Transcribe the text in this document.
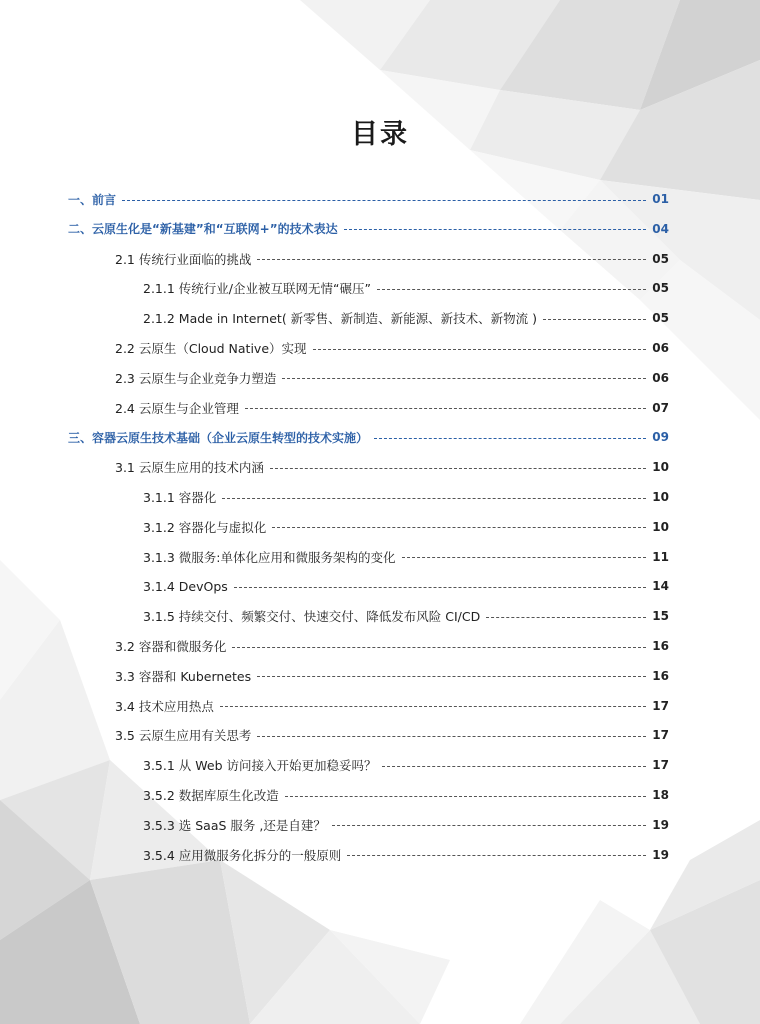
目录
一、前言	01
二、云原生化是“新基建”和“互联网+”的技术表达	04
2.1 传统行业面临的挑战	05
2.1.1 传统行业/企业被互联网无情“碾压”	05
2.1.2 Made in Internet( 新零售、新制造、新能源、新技术、新物流 )	05
2.2 云原生（Cloud Native）实现	06
2.3 云原生与企业竞争力塑造	06
2.4 云原生与企业管理	07
三、容器云原生技术基础（企业云原生转型的技术实施）	09
3.1 云原生应用的技术内涵	10
3.1.1 容器化	10
3.1.2 容器化与虚拟化	10
3.1.3 微服务:单体化应用和微服务架构的变化	11
3.1.4 DevOps	14
3.1.5 持续交付、频繁交付、快速交付、降低发布风险 CI/CD	15
3.2 容器和微服务化	16
3.3 容器和 Kubernetes	16
3.4 技术应用热点	17
3.5 云原生应用有关思考	17
3.5.1 从 Web 访问接入开始更加稳妥吗？	17
3.5.2 数据库原生化改造	18
3.5.3 选 SaaS 服务 ,还是自建？	19
3.5.4 应用微服务化拆分的一般原则	19
